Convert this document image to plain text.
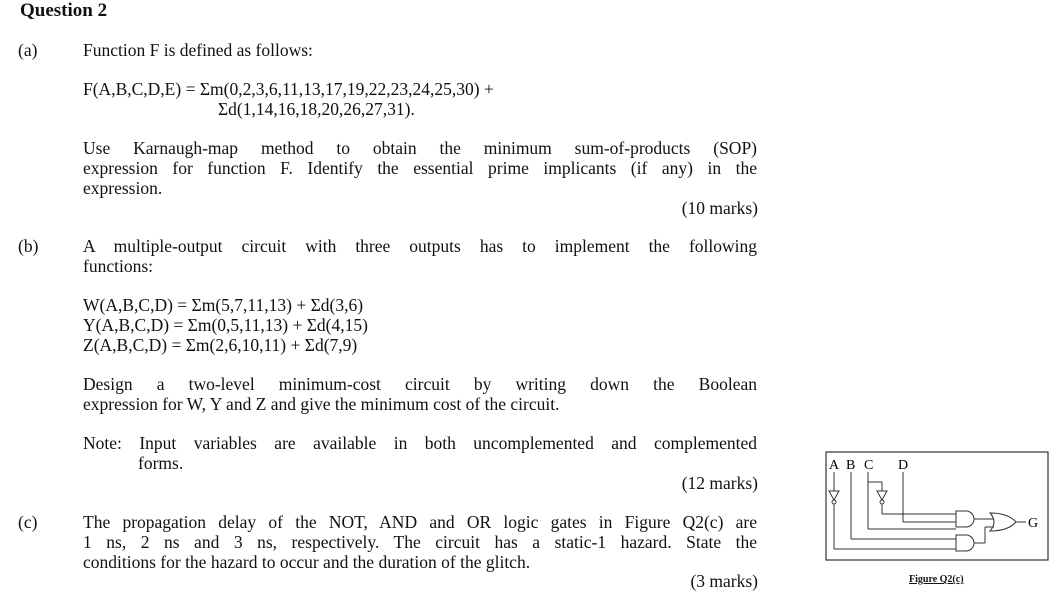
Question 2
(a)	Function F is defined as follows:
F(A,B,C,D,E) = Σm(0,2,3,6,11,13,17,19,22,23,24,25,30) +
Σd(1,14,16,18,20,26,27,31).
Use Karnaugh-map method to obtain the minimum sum-of-products (SOP)
expression for function F. Identify the essential prime implicants (if any) in the
expression.
(10 marks)
(b)	A multiple-output circuit with three outputs has to implement the following
functions:
W(A,B,C,D) = Σm(5,7,11,13) + Σd(3,6)
Y(A,B,C,D) = Σm(0,5,11,13) + Σd(4,15)
Z(A,B,C,D) = Σm(2,6,10,11) + Σd(7,9)
Design a two-level minimum-cost circuit by writing down the Boolean
expression for W, Y and Z and give the minimum cost of the circuit.
Note: Input variables are available in both uncomplemented and complemented
forms.
(12 marks)
(c)	The propagation delay of the NOT, AND and OR logic gates in Figure Q2(c) are
1 ns, 2 ns and 3 ns, respectively. The circuit has a static-1 hazard. State the
conditions for the hazard to occur and the duration of the glitch.
(3 marks)
A B C D
G
Figure Q2(c)
